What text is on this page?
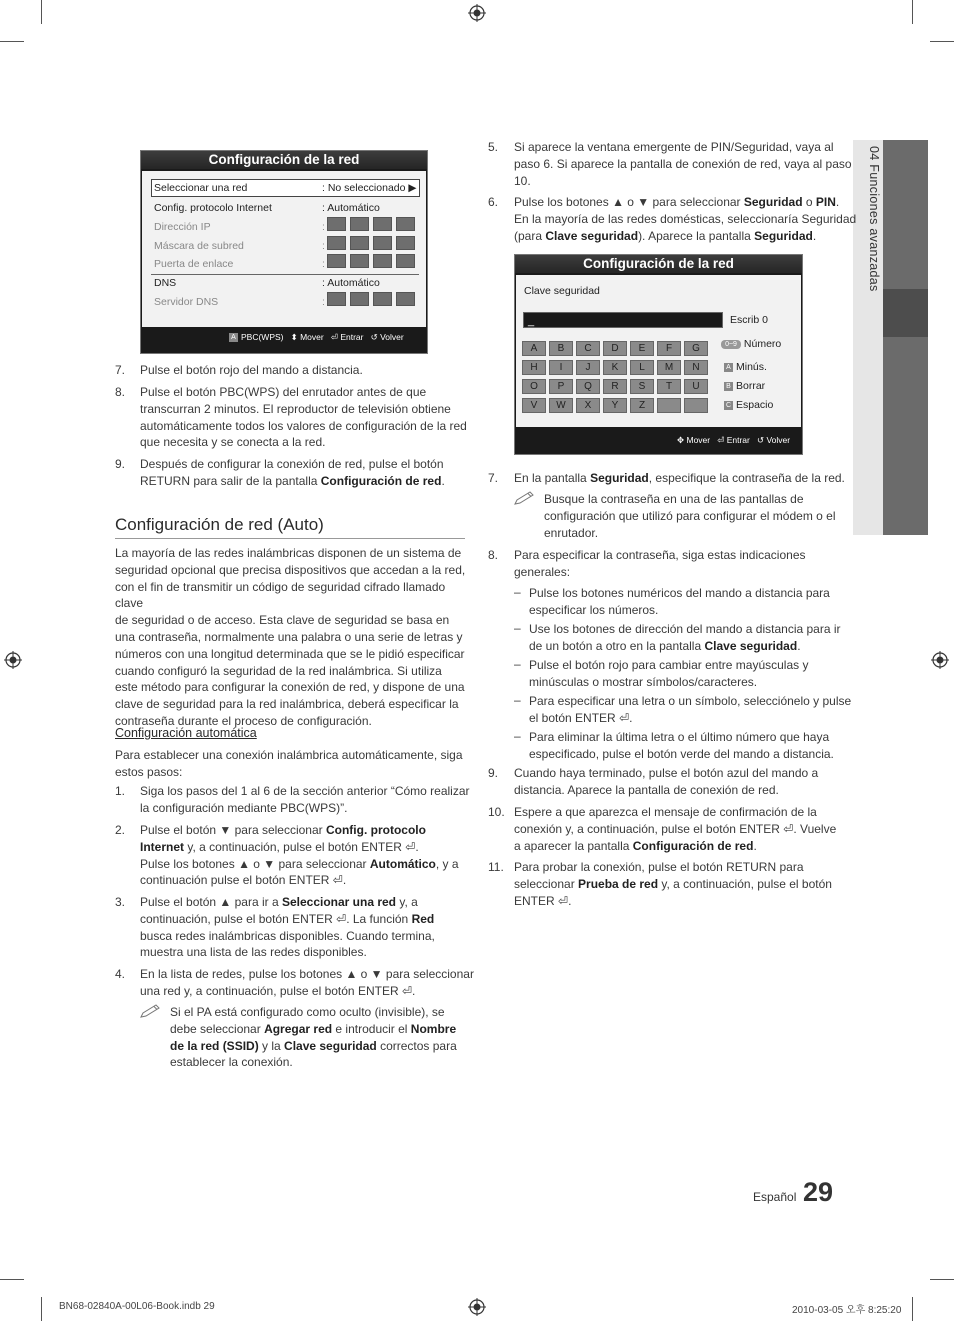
04 Funciones avanzadas
Configuración de la red
Seleccionar una red	: No seleccionado ▶
Config. protocolo Internet	: Automático
Dirección IP	:
Máscara de subred	:
Puerta de enlace	:
DNS	: Automático
Servidor DNS	:
A PBC(WPS) ⬍ Mover ⏎ Entrar ↺ Volver
7. Pulse el botón rojo del mando a distancia.
8. Pulse el botón PBC(WPS) del enrutador antes de que
transcurran 2 minutos. El reproductor de televisión obtiene
automáticamente todos los valores de configuración de la red
que necesita y se conecta a la red.
9. Después de configurar la conexión de red, pulse el botón
RETURN para salir de la pantalla Configuración de red.
Configuración de red (Auto)
La mayoría de las redes inalámbricas disponen de un sistema de
seguridad opcional que precisa dispositivos que accedan a la red,
con el fin de transmitir un código de seguridad cifrado llamado clave
de seguridad o de acceso. Esta clave de seguridad se basa en
una contraseña, normalmente una palabra o una serie de letras y
números con una longitud determinada que se le pidió especificar
cuando configuró la seguridad de la red inalámbrica. Si utiliza
este método para configurar la conexión de red, y dispone de una
clave de seguridad para la red inalámbrica, deberá especificar la
contraseña durante el proceso de configuración.
Configuración automática
Para establecer una conexión inalámbrica automáticamente, siga
estos pasos:
1. Siga los pasos del 1 al 6 de la sección anterior “Cómo realizar
la configuración mediante PBC(WPS)”.
2. Pulse el botón ▼ para seleccionar Config. protocolo
Internet y, a continuación, pulse el botón ENTER ⏎.
Pulse los botones ▲ o ▼ para seleccionar Automático, y a
continuación pulse el botón ENTER ⏎.
3. Pulse el botón ▲ para ir a Seleccionar una red y, a
continuación, pulse el botón ENTER ⏎. La función Red
busca redes inalámbricas disponibles. Cuando termina,
muestra una lista de las redes disponibles.
4. En la lista de redes, pulse los botones ▲ o ▼ para seleccionar
una red y, a continuación, pulse el botón ENTER ⏎.
Si el PA está configurado como oculto (invisible), se
debe seleccionar Agregar red e introducir el Nombre
de la red (SSID) y la Clave seguridad correctos para
establecer la conexión.
5. Si aparece la ventana emergente de PIN/Seguridad, vaya al
paso 6. Si aparece la pantalla de conexión de red, vaya al paso
10.
6. Pulse los botones ▲ o ▼ para seleccionar Seguridad o PIN.
En la mayoría de las redes domésticas, seleccionaría Seguridad
(para Clave seguridad). Aparece la pantalla Seguridad.
Configuración de la red
Clave seguridad
_	Escrib 0
A	B	C	D	E	F	G
H	I	J	K	L	M	N
O	P	Q	R	S	T	U
V	W	X	Y	Z
0~9 Número
A Minús.
B Borrar
C Espacio
✥ Mover ⏎ Entrar ↺ Volver
7. En la pantalla Seguridad, especifique la contraseña de la red.
Busque la contraseña en una de las pantallas de
configuración que utilizó para configurar el módem o el
enrutador.
8. Para especificar la contraseña, siga estas indicaciones
generales:
– Pulse los botones numéricos del mando a distancia para
especificar los números.
– Use los botones de dirección del mando a distancia para ir
de un botón a otro en la pantalla Clave seguridad.
– Pulse el botón rojo para cambiar entre mayúsculas y
minúsculas o mostrar símbolos/caracteres.
– Para especificar una letra o un símbolo, selecciónelo y pulse
el botón ENTER ⏎.
– Para eliminar la última letra o el último número que haya
especificado, pulse el botón verde del mando a distancia.
9. Cuando haya terminado, pulse el botón azul del mando a
distancia. Aparece la pantalla de conexión de red.
10. Espere a que aparezca el mensaje de confirmación de la
conexión y, a continuación, pulse el botón ENTER ⏎. Vuelve
a aparecer la pantalla Configuración de red.
11. Para probar la conexión, pulse el botón RETURN para
seleccionar Prueba de red y, a continuación, pulse el botón
ENTER ⏎.
Español 29
BN68-02840A-00L06-Book.indb 29	2010-03-05 오후 8:25:20
